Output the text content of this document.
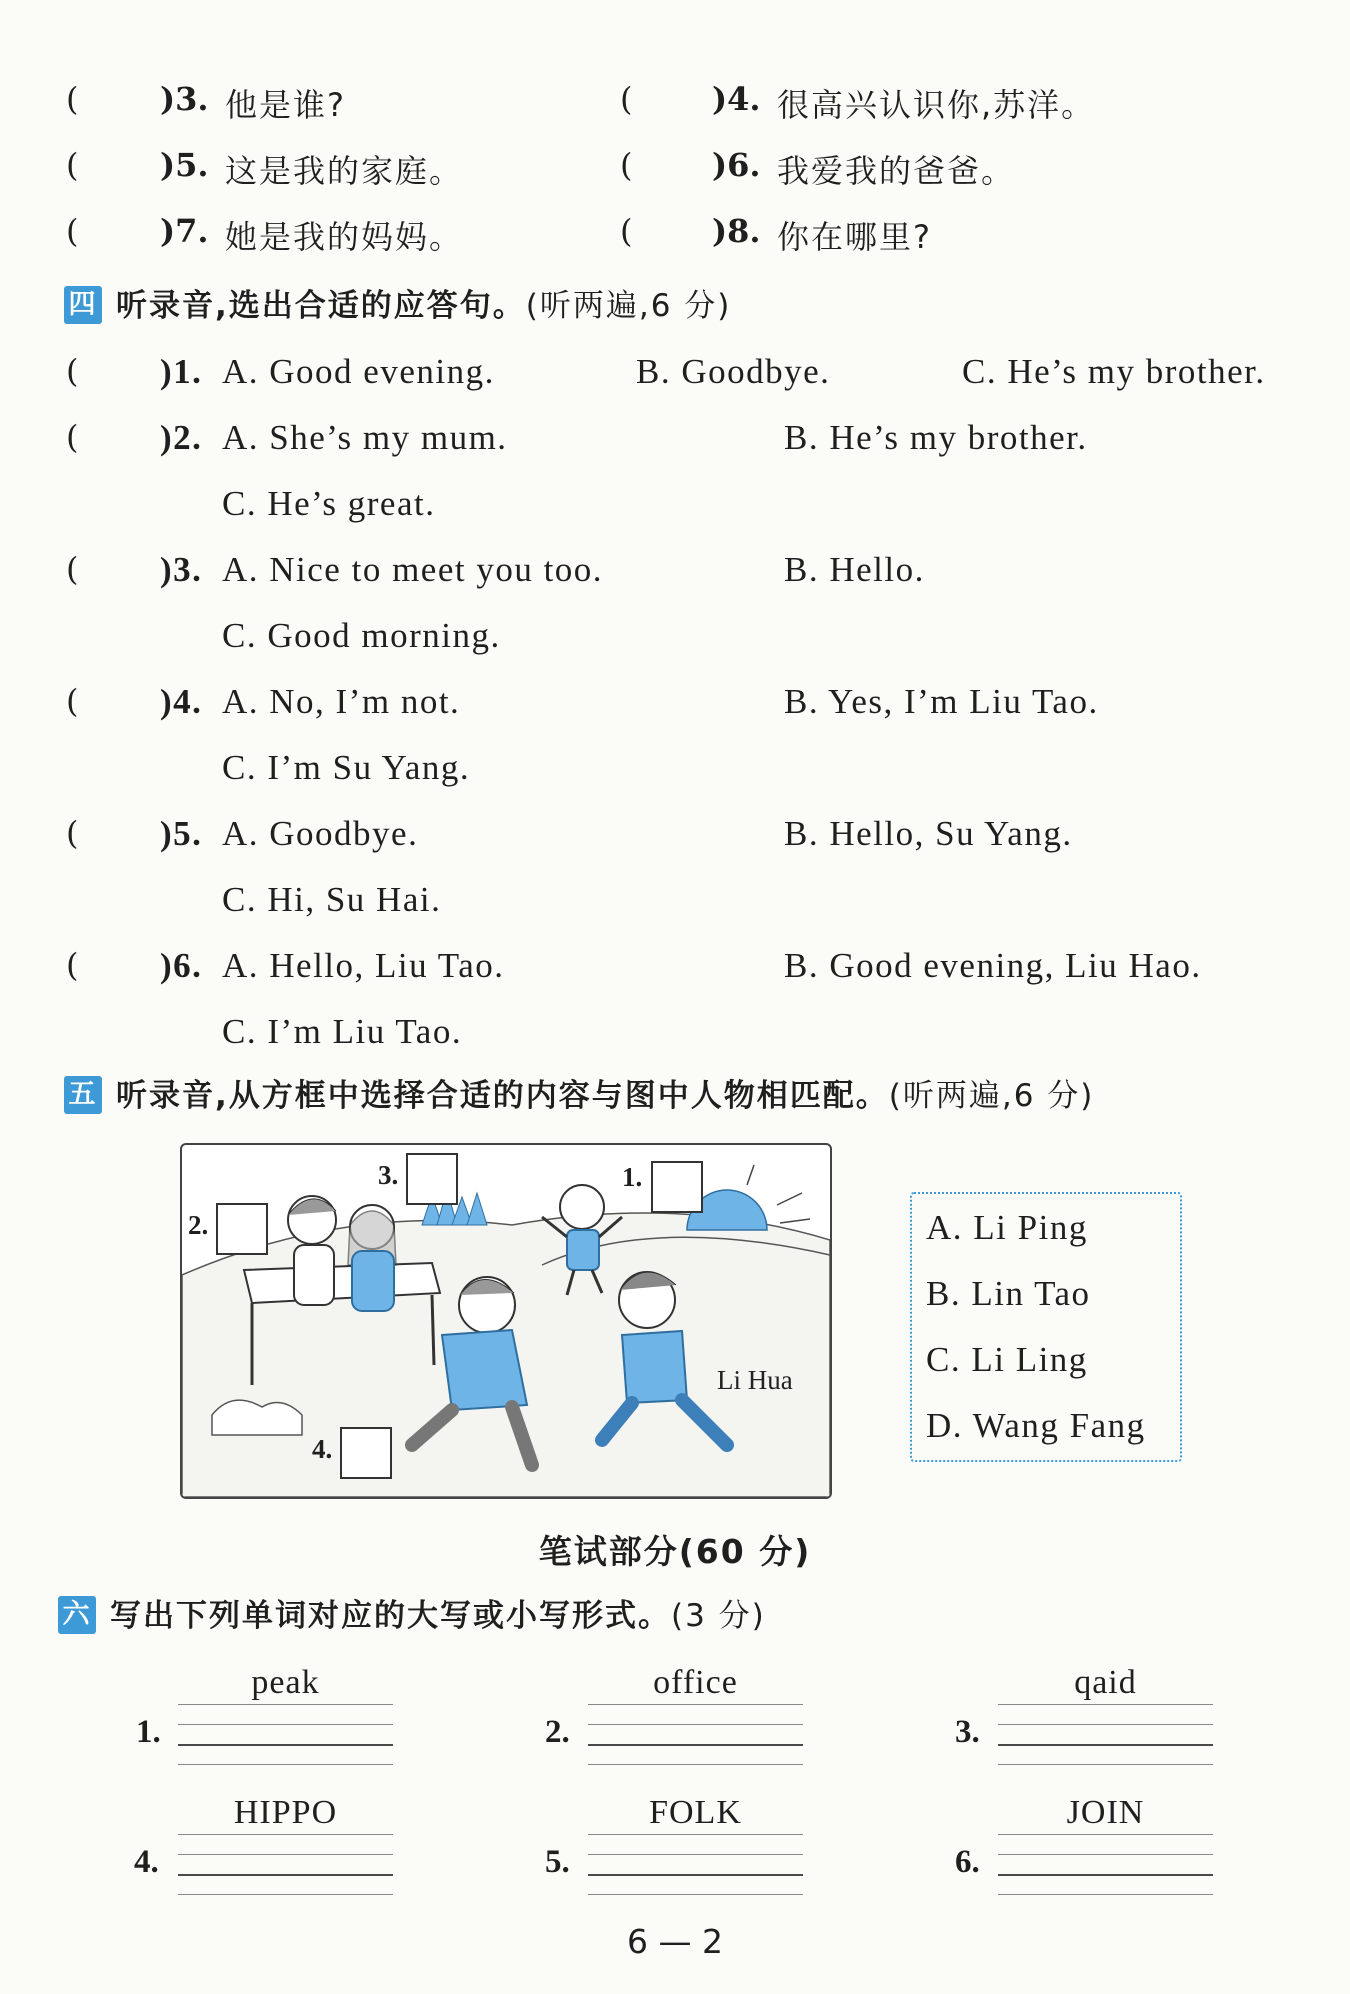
(	)3. 他是谁?	( )4. 很高兴认识你,苏洋。
(	)5. 这是我的家庭。	( )6. 我爱我的爸爸。
(	)7. 她是我的妈妈。	( )8. 你在哪里?
四 听录音,选出合适的应答句。(听两遍,6 分)
( )1. A. Good evening.	B. Goodbye.	C. He’s my brother.
( )2. A. She’s my mum.	B. He’s my brother.
C. He’s great.
( )3. A. Nice to meet you too.	B. Hello.
C. Good morning.
( )4. A. No, I’m not.	B. Yes, I’m Liu Tao.
C. I’m Su Yang.
( )5. A. Goodbye.	B. Hello, Su Yang.
C. Hi, Su Hai.
( )6. A. Hello, Liu Tao.	B. Good evening, Liu Hao.
C. I’m Liu Tao.
五 听录音,从方框中选择合适的内容与图中人物相匹配。(听两遍,6 分)
Li Hua
1.
2.
3.
4.
A. Li Ping
B. Lin Tao
C. Li Ling
D. Wang Fang
笔试部分(60 分)
六 写出下列单词对应的大写或小写形式。(3 分)
peak
1.
office
2.
qaid
3.
HIPPO
4.
FOLK
5.
JOIN
6.
6 — 2
